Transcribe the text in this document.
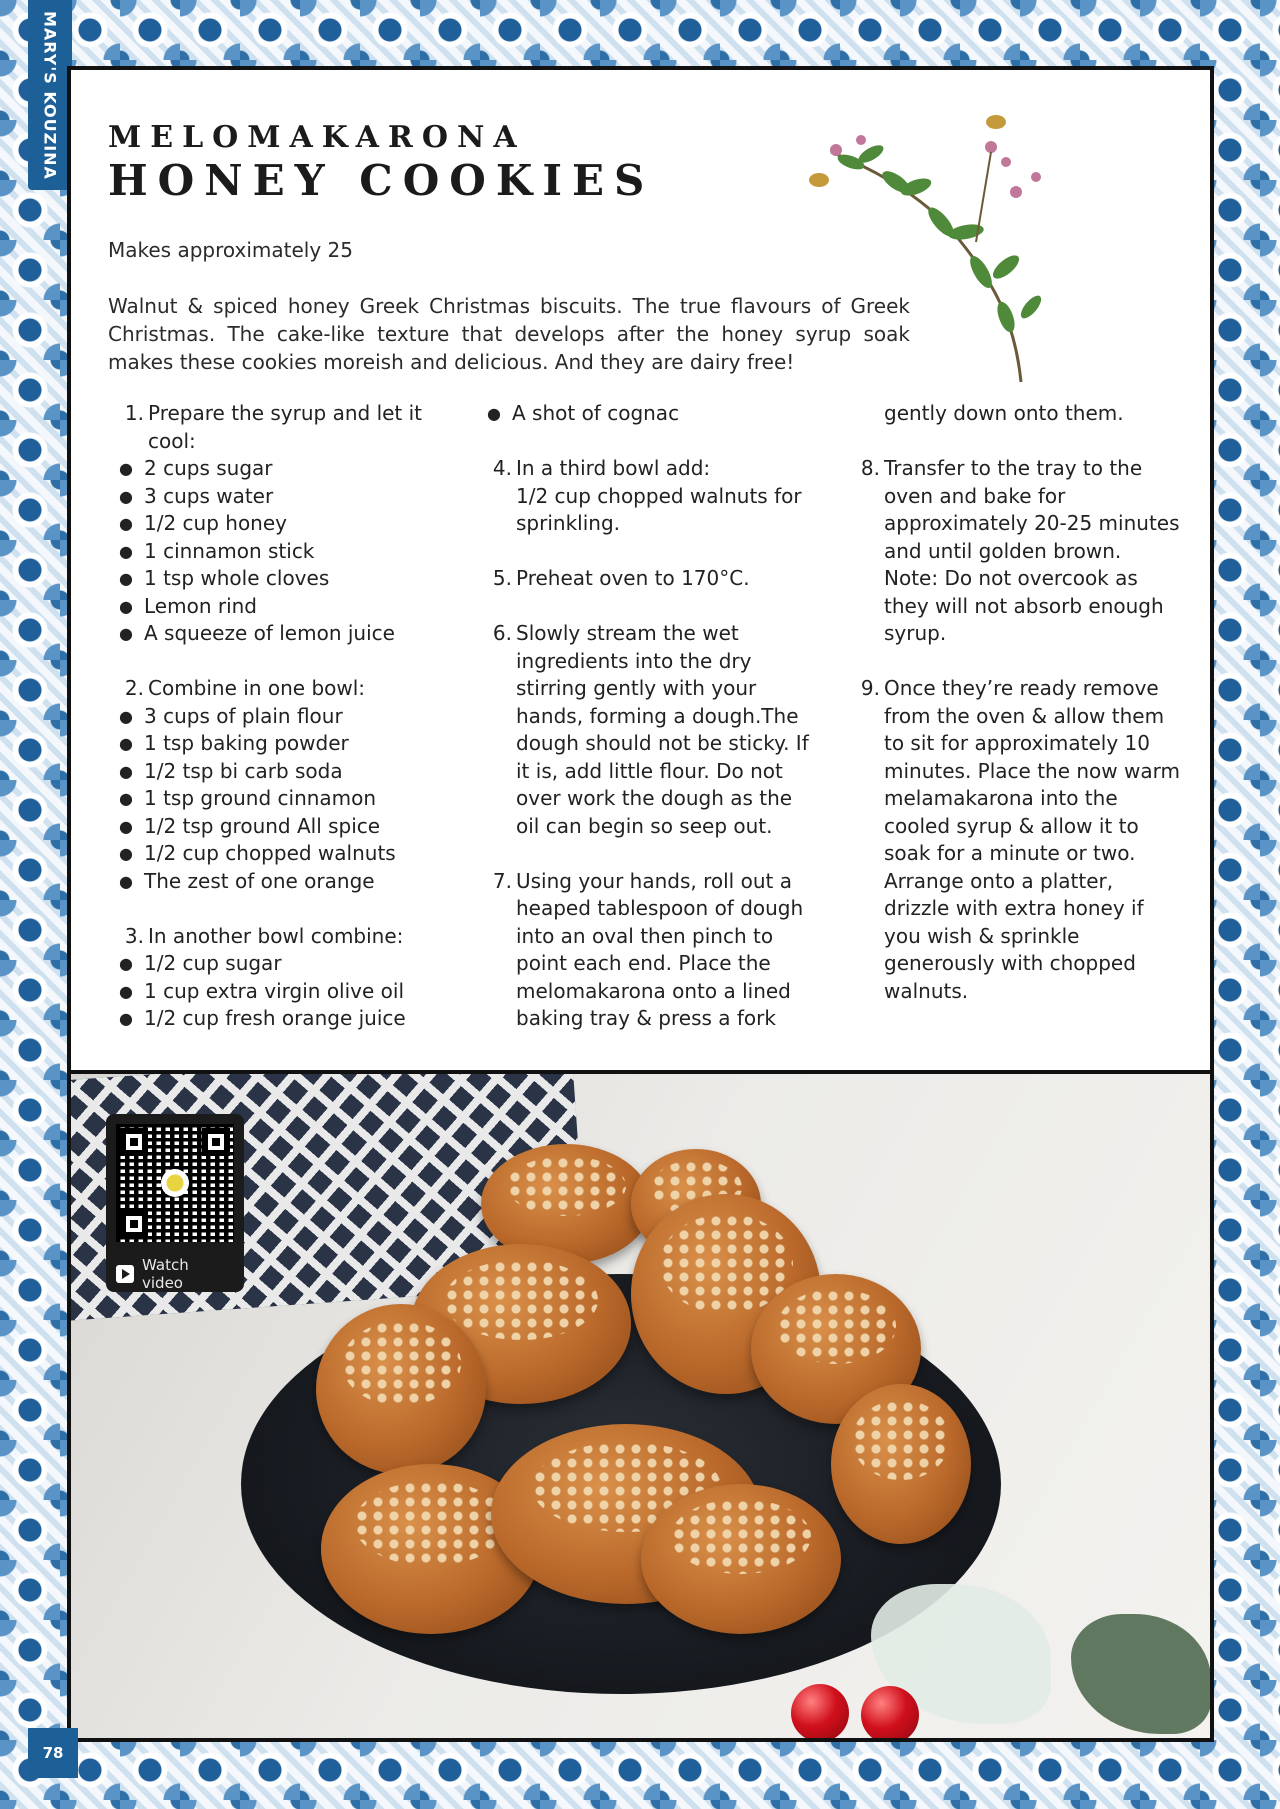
MARY'S KOUZINA MELOMAKARONA
HONEY COOKIES

Makes approximately 25

Walnut & spiced honey Greek Christmas biscuits. The true flavours of Greek Christmas. The cake-like texture that develops after the honey syrup soak makes these cookies moreish and delicious. And they are dairy free!

1. Prepare the syrup and let it cool:
● 2 cups sugar
● 3 cups water
● 1/2 cup honey
● 1 cinnamon stick
● 1 tsp whole cloves
● Lemon rind
● A squeeze of lemon juice
2. Combine in one bowl:
● 3 cups of plain flour
● 1 tsp baking powder
● 1/2 tsp bi carb soda
● 1 tsp ground cinnamon
● 1/2 tsp ground All spice
● 1/2 cup chopped walnuts
● The zest of one orange
3. In another bowl combine:
● 1/2 cup sugar
● 1 cup extra virgin olive oil
● 1/2 cup fresh orange juice
● A shot of cognac
4. In a third bowl add:
1/2 cup chopped walnuts for sprinkling.
5. Preheat oven to 170°C.
6. Slowly stream the wet ingredients into the dry stirring gently with your hands, forming a dough.The dough should not be sticky. If it is, add little flour. Do not over work the dough as the oil can begin so seep out.
7. Using your hands, roll out a heaped tablespoon of dough into an oval then pinch to point each end. Place the melomakarona onto a lined baking tray & press a fork
gently down onto them.
8. Transfer to the tray to the oven and bake for approximately 20-25 minutes and until golden brown.
Note: Do not overcook as they will not absorb enough syrup.
9. Once they’re ready remove from the oven & allow them to sit for approximately 10 minutes. Place the now warm melamakarona into the cooled syrup & allow it to soak for a minute or two. Arrange onto a platter, drizzle with extra honey if you wish & sprinkle generously with chopped walnuts.
Watch video
78
